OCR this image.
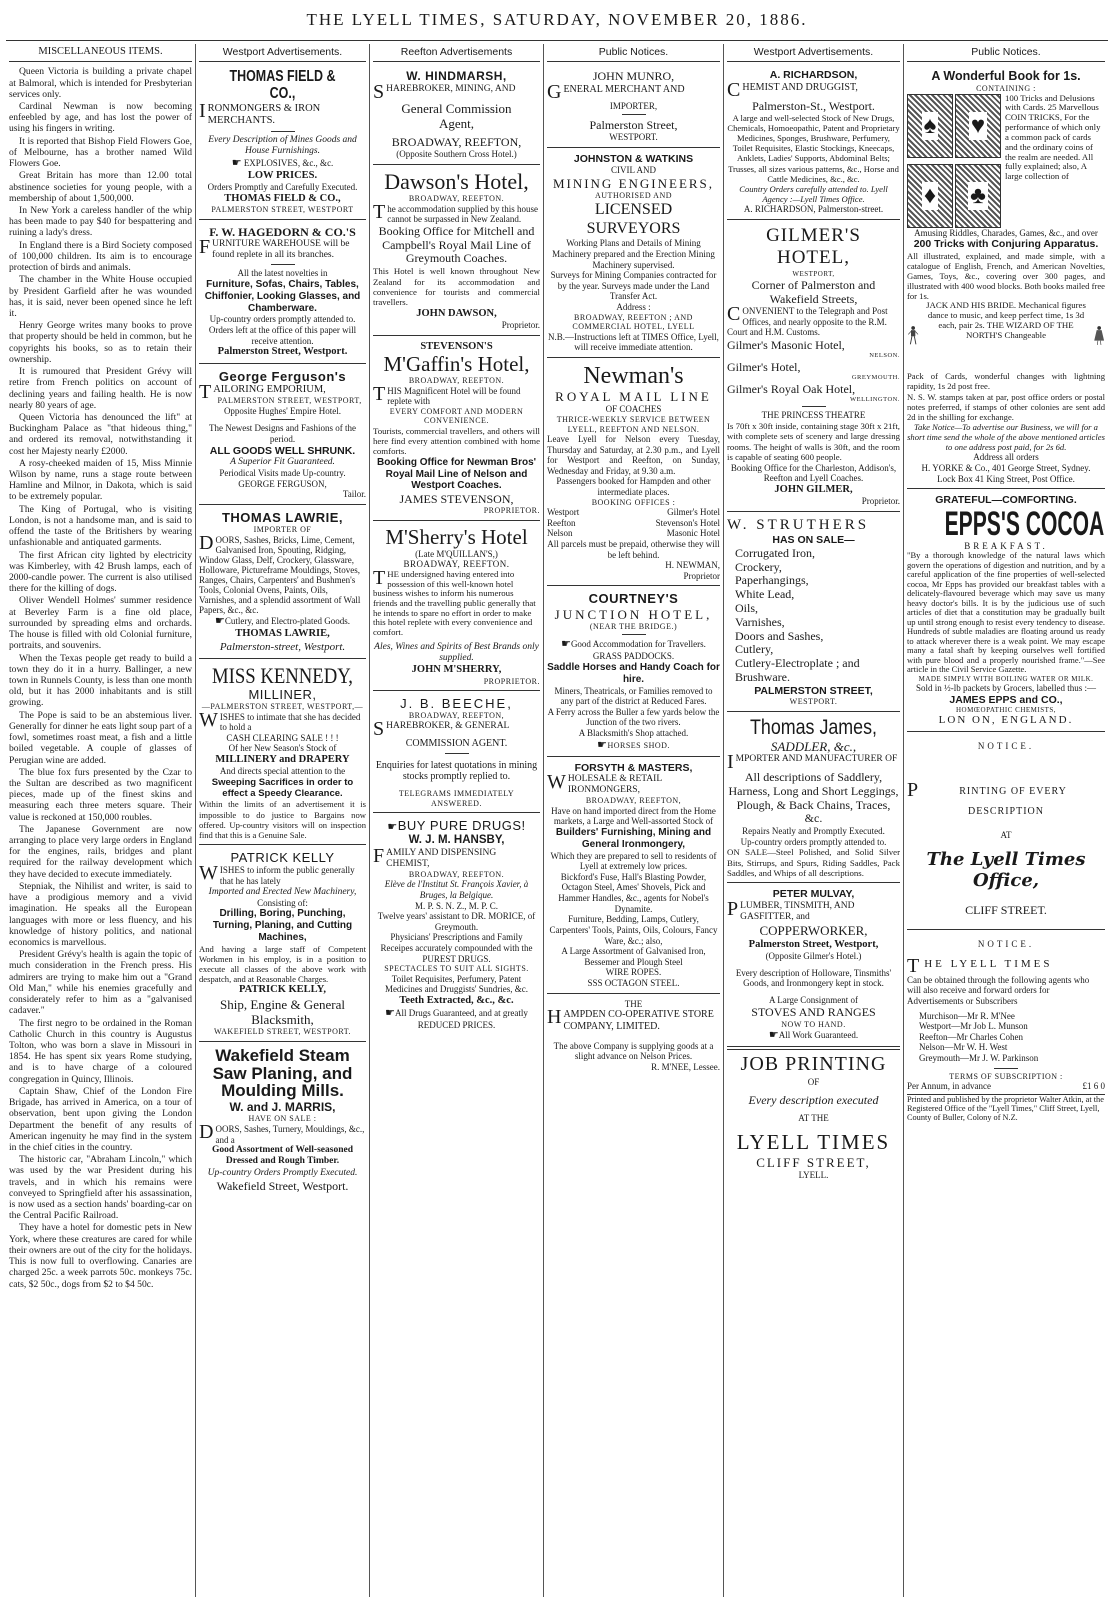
THE LYELL TIMES, SATURDAY, NOVEMBER 20, 1886.
MISCELLANEOUS ITEMS.

Queen Victoria is building a private chapel at Balmoral, which is intended for Presbyterian services only.

Cardinal Newman is now becoming enfeebled by age, and has lost the power of using his fingers in writing.

It is reported that Bishop Field Flowers Goe, of Melbourne, has a brother named Wild Flowers Goe.

Great Britain has more than 12.00 total abstinence societies for young people, with a membership of about 1,500,000.

In New York a careless handler of the whip has been made to pay $40 for bespattering and ruining a lady's dress.

In England there is a Bird Society composed of 100,000 children. Its aim is to encourage protection of birds and animals.

The chamber in the White House occupied by President Garfield after he was wounded has, it is said, never been opened since he left it.

Henry George writes many books to prove that property should be held in common, but he copyrights his books, so as to retain their ownership.

It is rumoured that President Grévy will retire from French politics on account of declining years and failing health. He is now nearly 80 years of age.

Queen Victoria has denounced the lift" at Buckingham Palace as "that hideous thing," and ordered its removal, notwithstanding it cost her Majesty nearly £2000.

A rosy-cheeked maiden of 15, Miss Minnie Wilson by name, runs a stage route between Hamline and Milnor, in Dakota, which is said to be extremely popular.

The King of Portugal, who is visiting London, is not a handsome man, and is said to offend the taste of the Britishers by wearing unfashionable and antiquated garments.

The first African city lighted by electricity was Kimberley, with 42 Brush lamps, each of 2000-candle power. The current is also utilised there for the killing of dogs.

Oliver Wendell Holmes' summer residence at Beverley Farm is a fine old place, surrounded by spreading elms and orchards. The house is filled with old Colonial furniture, portraits, and souvenirs.

When the Texas people get ready to build a town they do it in a hurry. Ballinger, a new town in Runnels County, is less than one month old, but it has 2000 inhabitants and is still growing.

The Pope is said to be an abstemious liver. Generally for dinner he eats light soup part of a fowl, sometimes roast meat, a fish and a little boiled vegetable. A couple of glasses of Perugian wine are added.

The blue fox furs presented by the Czar to the Sultan are described as two magnificent pieces, made up of the finest skins and measuring each three meters square. Their value is reckoned at 150,000 roubles.

The Japanese Government are now arranging to place very large orders in England for the engines, rails, bridges and plant required for the railway development which they have decided to execute immediately.

Stepniak, the Nihilist and writer, is said to have a prodigious memory and a vivid imagination. He speaks all the European languages with more or less fluency, and his knowledge of history politics, and national economics is marvellous.

President Grévy's health is again the topic of much consideration in the French press. His admirers are trying to make him out a "Grand Old Man," while his enemies gracefully and considerately refer to him as a "galvanised cadaver."

The first negro to be ordained in the Roman Catholic Church in this country is Augustus Tolton, who was born a slave in Missouri in 1854. He has spent six years Rome studying, and is to have charge of a coloured congregation in Quincy, Illinois.

Captain Shaw, Chief of the London Fire Brigade, has arrived in America, on a tour of observation, bent upon giving the London Department the benefit of any results of American ingenuity he may find in the system in the chief cities in the country.

The historic car, "Abraham Lincoln," which was used by the war President during his travels, and in which his remains were conveyed to Springfield after his assassination, is now used as a section hands' boarding-car on the Central Pacific Railroad.

They have a hotel for domestic pets in New York, where these creatures are cared for while their owners are out of the city for the holidays. This is now full to overflowing. Canaries are charged 25c. a week parrots 50c. monkeys 75c. cats, $2 50c., dogs from $2 to $4 50c.

Westport Advertisements.
THOMAS FIELD & CO.,
IRONMONGERS & IRON MERCHANTS.
Every Description of Mines Goods and House Furnishings.
☛ EXPLOSIVES, &c., &c.
LOW PRICES.
Orders Promptly and Carefully Executed.
THOMAS FIELD & CO.,
PALMERSTON STREET, WESTPORT
F. W. HAGEDORN & CO.'S
FURNITURE WAREHOUSE will be found replete in all its branches.
All the latest novelties in
Furniture, Sofas, Chairs, Tables, Chiffonier, Looking Glasses, and Chamberware.
Up-country orders promptly attended to. Orders left at the office of this paper will receive attention.
Palmerston Street, Westport.
George Ferguson's
TAILORING EMPORIUM,
PALMERSTON STREET, WESTPORT,
Opposite Hughes' Empire Hotel.
The Newest Designs and Fashions of the period.
ALL GOODS WELL SHRUNK.
A Superior Fit Guaranteed.
Periodical Visits made Up-country.
GEORGE FERGUSON,
Tailor.
THOMAS LAWRIE,
IMPORTER OF
DOORS, Sashes, Bricks, Lime, Cement, Galvanised Iron, Spouting, Ridging, Window Glass, Delf, Crockery, Glassware, Holloware, Pictureframe Mouldings, Stoves, Ranges, Chairs, Carpenters' and Bushmen's Tools, Colonial Ovens, Paints, Oils, Varnishes, and a splendid assortment of Wall Papers, &c., &c.
☛Cutlery, and Electro-plated Goods.
THOMAS LAWRIE,
Palmerston-street, Westport.
MISS KENNEDY,
MILLINER,
—PALMERSTON STREET, WESTPORT,—
WISHES to intimate that she has decided to hold a
CASH CLEARING SALE ! ! !
Of her New Season's Stock of
MILLINERY and DRAPERY
And directs special attention to the
Sweeping Sacrifices in order to effect a Speedy Clearance.
Within the limits of an advertisement it is impossible to do justice to Bargains now offered. Up-country visitors will on inspection find that this is a Genuine Sale.
PATRICK KELLY
WISHES to inform the public generally that he has lately
Imported and Erected New Machinery,
Consisting of:
Drilling, Boring, Punching, Turning, Planing, and Cutting Machines,
And having a large staff of Competent Workmen in his employ, is in a position to execute all classes of the above work with despatch, and at Reasonable Charges.
PATRICK KELLY,
Ship, Engine & General Blacksmith,
WAKEFIELD STREET, WESTPORT.
Wakefield Steam Saw Planing, and Moulding Mills.
W. and J. MARRIS,
HAVE ON SALE :
DOORS, Sashes, Turnery, Mouldings, &c., and a
Good Assortment of Well-seasoned Dressed and Rough Timber.
Up-country Orders Promptly Executed.
Wakefield Street, Westport.
Reefton Advertisements
W. HINDMARSH,
SHAREBROKER, MINING, AND
General Commission
Agent,
BROADWAY, REEFTON,
(Opposite Southern Cross Hotel.)
Dawson's Hotel,
BROADWAY, REEFTON.
The accommodation supplied by this house cannot be surpassed in New Zealand.
Booking Office for Mitchell and Campbell's Royal Mail Line of Greymouth Coaches.
This Hotel is well known throughout New Zealand for its accommodation and convenience for tourists and commercial travellers.
JOHN DAWSON,
Proprietor.
STEVENSON'S
M'Gaffin's Hotel,
BROADWAY, REEFTON.
THIS Magnificent Hotel will be found replete with
EVERY COMFORT AND MODERN CONVENIENCE.
Tourists, commercial travellers, and others will here find every attention combined with home comforts.
Booking Office for Newman Bros' Royal Mail Line of Nelson and Westport Coaches.
JAMES STEVENSON,
PROPRIETOR.
M'Sherry's Hotel
(Late M'QUILLAN'S,)
BROADWAY, REEFTON.
THE undersigned having entered into possession of this well-known hotel business wishes to inform his numerous friends and the travelling public generally that he intends to spare no effort in order to make this hotel replete with every convenience and comfort.
Ales, Wines and Spirits of Best Brands only supplied.
JOHN M'SHERRY,
PROPRIETOR.
J. B. BEECHE,
BROADWAY, REEFTON,
SHAREBROKER, & GENERAL
COMMISSION AGENT.
Enquiries for latest quotations in mining stocks promptly replied to.
TELEGRAMS IMMEDIATELY ANSWERED.
☛BUY PURE DRUGS!
W. J. M. HANSBY,
FAMILY AND DISPENSING CHEMIST,
BROADWAY, REEFTON.
Elève de l'Institut St. François Xavier, à Bruges, la Belgique.
M. P. S. N. Z., M. P. C.
Twelve years' assistant to DR. MORICE, of Greymouth.
Physicians' Prescriptions and Family Receipes accurately compounded with the PUREST DRUGS.
SPECTACLES TO SUIT ALL SIGHTS.
Toilet Requisites, Perfumery, Patent Medicines and Druggists' Sundries, &c.
Teeth Extracted, &c., &c.
☛All Drugs Guaranteed, and at greatly REDUCED PRICES.
Public Notices.
JOHN MUNRO,
GENERAL MERCHANT AND
IMPORTER,
Palmerston Street,
WESTPORT.
JOHNSTON & WATKINS
CIVIL AND
MINING ENGINEERS,
AUTHORISED AND
LICENSED SURVEYORS
Working Plans and Details of Mining Machinery prepared and the Erection Mining Machinery supervised.
Surveys for Mining Companies contracted for by the year. Surveys made under the Land Transfer Act.
Address :
BROADWAY, REEFTON ; AND COMMERCIAL HOTEL, LYELL
N.B.—Instructions left at TIMES Office, Lyell, will receive immediate attention.
Newman's
ROYAL MAIL LINE
OF COACHES
THRICE-WEEKLY SERVICE BETWEEN LYELL, REEFTON AND NELSON.
Leave Lyell for Nelson every Tuesday, Thursday and Saturday, at 2.30 p.m., and Lyell for Westport and Reefton, on Sunday, Wednesday and Friday, at 9.30 a.m.
Passengers booked for Hampden and other intermediate places.
BOOKING OFFICES :
Westport	Gilmer's Hotel
Reefton	Stevenson's Hotel
Nelson	Masonic Hotel
All parcels must be prepaid, otherwise they will be left behind.
H. NEWMAN,
Proprietor
COURTNEY'S
JUNCTION HOTEL,
(NEAR THE BRIDGE.)
☛Good Accommodation for Travellers.
GRASS PADDOCKS.
Saddle Horses and Handy Coach for hire.
Miners, Theatricals, or Families removed to any part of the district at Reduced Fares.
A Ferry across the Buller a few yards below the Junction of the two rivers.
A Blacksmith's Shop attached.
☛HORSES SHOD.
FORSYTH & MASTERS,
WHOLESALE & RETAIL IRONMONGERS,
BROADWAY, REEFTON,
Have on hand imported direct from the Home markets, a Large and Well-assorted Stock of
Builders' Furnishing, Mining and General Ironmongery,
Which they are prepared to sell to residents of Lyell at extremely low prices.
Bickford's Fuse, Hall's Blasting Powder, Octagon Steel, Ames' Shovels, Pick and Hammer Handles, &c., agents for Nobel's Dynamite.
Furniture, Bedding, Lamps, Cutlery, Carpenters' Tools, Paints, Oils, Colours, Fancy Ware, &c.; also,
A Large Assortment of Galvanised Iron, Bessemer and Plough Steel
WIRE ROPES.
SSS OCTAGON STEEL.
THE
HAMPDEN CO-OPERATIVE STORE COMPANY, LIMITED.
The above Company is supplying goods at a slight advance on Nelson Prices.
R. M'NEE, Lessee.
Westport Advertisements.
A. RICHARDSON,
CHEMIST AND DRUGGIST,
Palmerston-St., Westport.
A large and well-selected Stock of New Drugs, Chemicals, Homoeopathic, Patent and Proprietary Medicines, Sponges, Brushware, Perfumery, Toilet Requisites, Elastic Stockings, Kneecaps, Anklets, Ladies' Supports, Abdominal Belts; Trusses, all sizes various patterns, &c., Horse and Cattle Medicines, &c., &c.
Country Orders carefully attended to. Lyell Agency :—Lyell Times Office.
A. RICHARDSON, Palmerston-street.
GILMER'S HOTEL,
WESTPORT,
Corner of Palmerston and Wakefield Streets,
CONVENIENT to the Telegraph and Post Offices, and nearly opposite to the R.M. Court and H.M. Customs.
Gilmer's Masonic Hotel,
NELSON.
Gilmer's Hotel,
GREYMOUTH.
Gilmer's Royal Oak Hotel,
WELLINGTON.
THE PRINCESS THEATRE
Is 70ft x 30ft inside, containing stage 30ft x 21ft, with complete sets of scenery and large dressing rooms. The height of walls is 30ft, and the room is capable of seating 600 people.
Booking Office for the Charleston, Addison's, Reefton and Lyell Coaches.
JOHN GILMER,
Proprietor.
W. STRUTHERS
HAS ON SALE—
Corrugated Iron,
Crockery,
Paperhangings,
White Lead,
Oils,
Varnishes,
Doors and Sashes,
Cutlery,
Cutlery-Electroplate ; and Brushware.
PALMERSTON STREET,
WESTPORT.
Thomas James,
SADDLER, &c.,
IMPORTER AND MANUFACTURER OF
All descriptions of Saddlery, Harness, Long and Short Leggings, Plough, & Back Chains, Traces, &c.
Repairs Neatly and Promptly Executed.
Up-country orders promptly attended to.
ON SALE—Steel Polished, and Solid Silver Bits, Stirrups, and Spurs, Riding Saddles, Pack Saddles, and Whips of all descriptions.
PETER MULVAY,
PLUMBER, TINSMITH, AND GASFITTER, and
COPPERWORKER,
Palmerston Street, Westport,
(Opposite Gilmer's Hotel.)
Every description of Holloware, Tinsmiths' Goods, and Ironmongery kept in stock.
A Large Consignment of
STOVES AND RANGES
NOW TO HAND.
☛All Work Guaranteed.
JOB PRINTING
OF
Every description executed
AT THE
LYELL TIMES
CLIFF STREET,
LYELL.
Public Notices.
A Wonderful Book for 1s.
CONTAINING :
♠ ♥
♦ ♣
100 Tricks and Delusions with Cards. 25 Marvellous COIN TRICKS, For the performance of which only a common pack of cards and the ordinary coins of the realm are needed. All fully explained; also, A large collection of
Amusing Riddles, Charades, Games, &c., and over
200 Tricks with Conjuring Apparatus.
All illustrated, explained, and made simple, with a catalogue of English, French, and American Novelties, Games, Toys, &c., covering over 300 pages, and illustrated with 400 wood blocks. Both books mailed free for 1s.
JACK AND HIS BRIDE. Mechanical figures dance to music, and keep perfect time, 1s 3d each, pair 2s. THE WIZARD OF THE NORTH'S Changeable
Pack of Cards, wonderful changes with lightning rapidity, 1s 2d post free.
N. S. W. stamps taken at par, post office orders or postal notes preferred, if stamps of other colonies are sent add 2d in the shilling for exchange.
Take Notice—To advertise our Business, we will for a short time send the whole of the above mentioned articles to one address post paid, for 2s 6d.
Address all orders
H. YORKE & Co., 401 George Street, Sydney.
Lock Box 41 King Street, Post Office.
GRATEFUL—COMFORTING.
EPPS'S COCOA
BREAKFAST.
"By a thorough knowledge of the natural laws which govern the operations of digestion and nutrition, and by a careful application of the fine properties of well-selected cocoa, Mr Epps has provided our breakfast tables with a delicately-flavoured beverage which may save us many heavy doctor's bills. It is by the judicious use of such articles of diet that a constitution may be gradually built up until strong enough to resist every tendency to disease. Hundreds of subtle maladies are floating around us ready to attack wherever there is a weak point. We may escape many a fatal shaft by keeping ourselves well fortified with pure blood and a properly nourished frame."—See article in the Civil Service Gazette.
MADE SIMPLY WITH BOILING WATER OR MILK.
Sold in ½-lb packets by Grocers, labelled thus :—
JAMES EPPS and CO.,
HOMŒOPATHIC CHEMISTS,
LON ON, ENGLAND.
NOTICE.
PRINTING OF EVERY DESCRIPTION
AT
The Lyell Times Office,
CLIFF STREET.
NOTICE.
THE LYELL TIMES
Can be obtained through the following agents who will also receive and forward orders for Advertisements or Subscribers
Murchison—Mr R. M'Nee
Westport—Mr Job L. Munson
Reefton—Mr Charles Cohen
Nelson—Mr W. H. West
Greymouth—Mr J. W. Parkinson
TERMS OF SUBSCRIPTION :
Per Annum, in advance	£1 6 0
Printed and published by the proprietor Walter Atkin, at the Registered Office of the "Lyell Times," Cliff Street, Lyell, County of Buller, Colony of N.Z.
